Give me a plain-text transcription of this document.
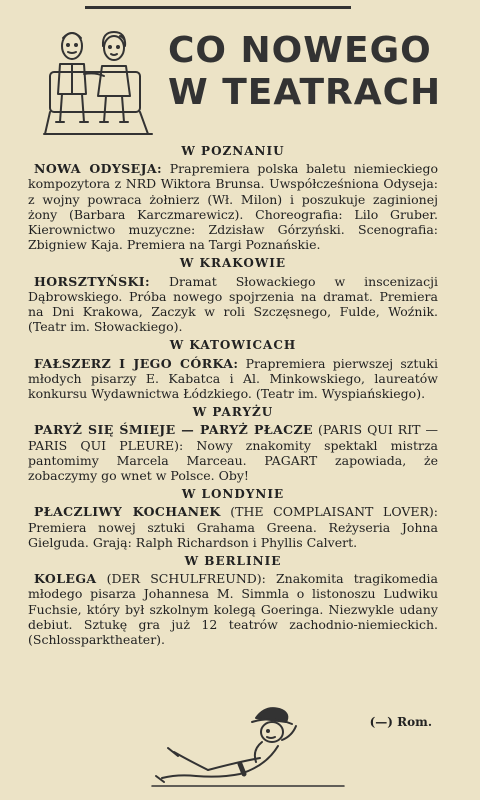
CO NOWEGO
W TEATRACH
W POZNANIU

NOWA ODYSEJA: Prapremiera polska baletu niemieckiego kompozytora z NRD Wiktora Brunsa. Uwspółcześniona Odyseja: z wojny powraca żołnierz (Wł. Milon) i poszukuje zaginionej żony (Barbara Karczmarewicz). Choreografia: Lilo Gruber. Kierownictwo muzyczne: Zdzisław Górzyński. Scenografia: Zbigniew Kaja. Premiera na Targi Poznańskie.

W KRAKOWIE

HORSZTYŃSKI: Dramat Słowackiego w inscenizacji Dąbrowskiego. Próba nowego spojrzenia na dramat. Premiera na Dni Krakowa, Zaczyk w roli Szczęsnego, Fulde, Woźnik. (Teatr im. Słowackiego).

W KATOWICACH

FAŁSZERZ I JEGO CÓRKA: Prapremiera pierwszej sztuki młodych pisarzy E. Kabatca i Al. Minkowskiego, laureatów konkursu Wydawnictwa Łódzkiego. (Teatr im. Wyspiańskiego).

W PARYŻU

PARYŻ SIĘ ŚMIEJE — PARYŻ PŁACZE (PARIS QUI RIT — PARIS QUI PLEURE): Nowy znakomity spektakl mistrza pantomimy Marcela Marceau. PAGART zapowiada, że zobaczymy go wnet w Polsce. Oby!

W LONDYNIE

PŁACZLIWY KOCHANEK (THE COMPLAISANT LOVER): Premiera nowej sztuki Grahama Greena. Reżyseria Johna Gielguda. Grają: Ralph Richardson i Phyllis Calvert.

W BERLINIE

KOLEGA (DER SCHULFREUND): Znakomita tragikomedia młodego pisarza Johannesa M. Simmla o listonoszu Ludwiku Fuchsie, który był szkolnym kolegą Goeringa. Niezwykle udany debiut. Sztukę gra już 12 teatrów zachodnio-niemieckich. (Schlossparktheater).

(—) Rom.
